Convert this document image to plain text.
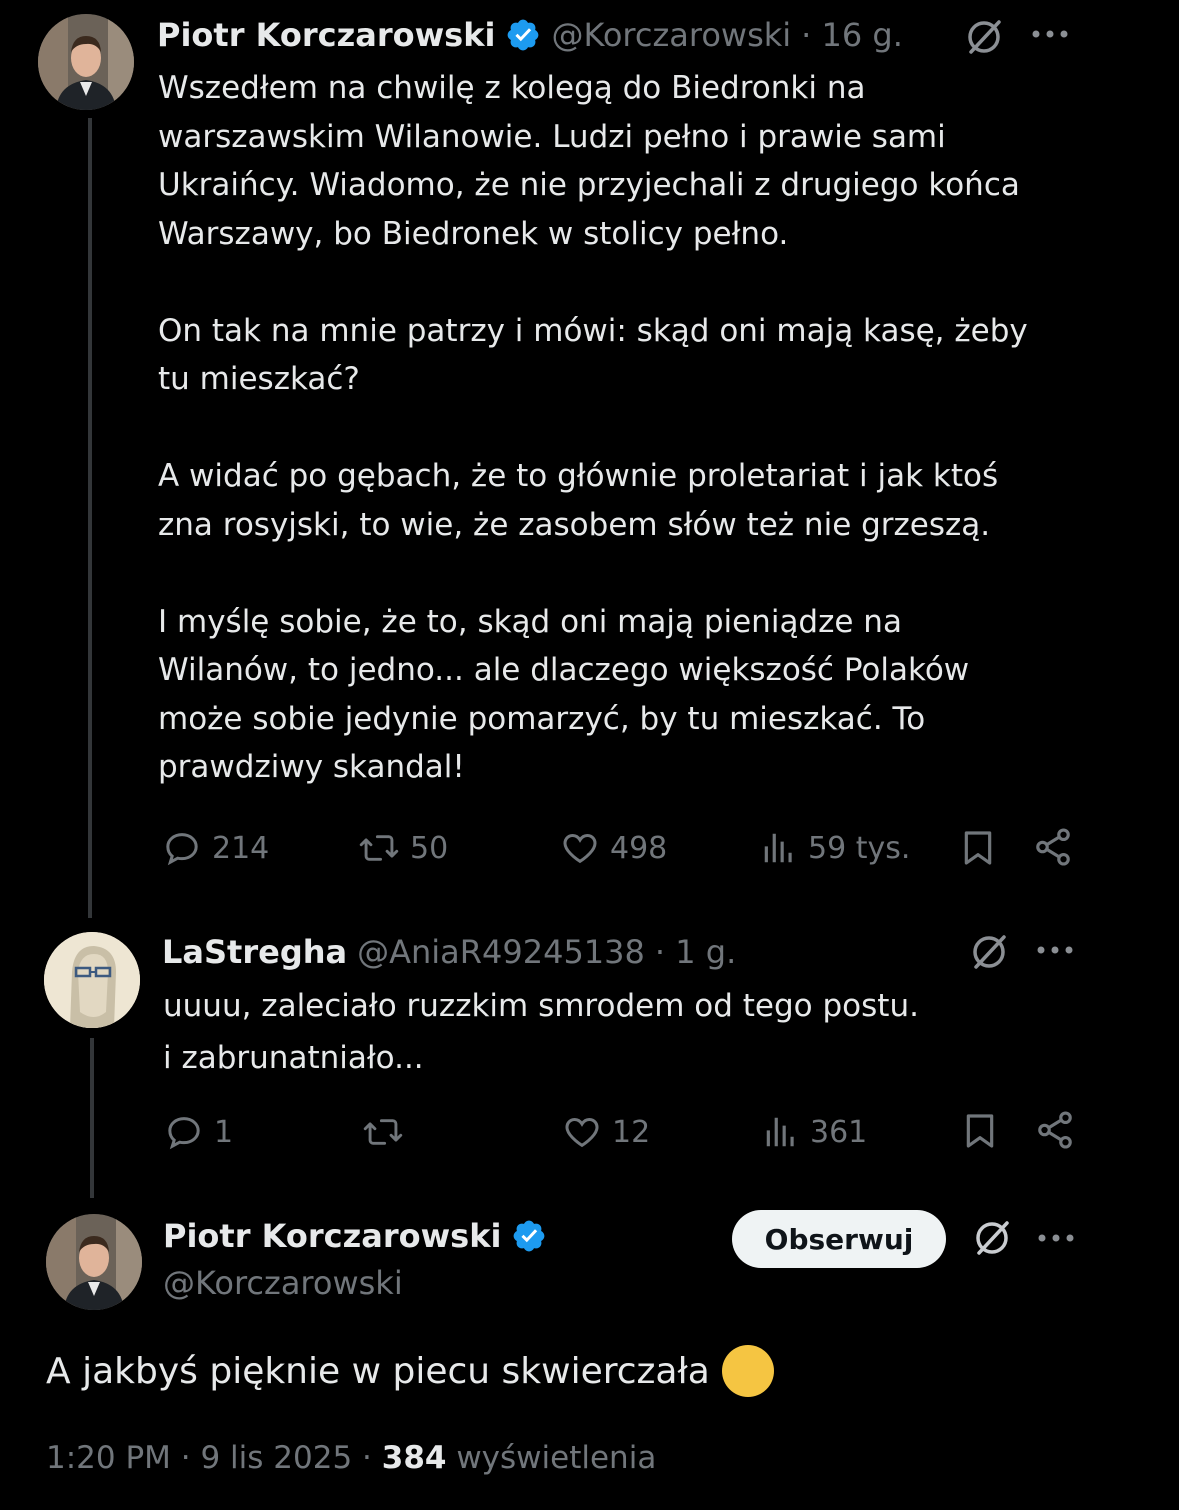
Piotr Korczarowski @Korczarowski · 16 g.
Wszedłem na chwilę z kolegą do Biedronki na
warszawskim Wilanowie. Ludzi pełno i prawie sami
Ukraińcy. Wiadomo, że nie przyjechali z drugiego końca
Warszawy, bo Biedronek w stolicy pełno.

On tak na mnie patrzy i mówi: skąd oni mają kasę, żeby
tu mieszkać?

A widać po gębach, że to głównie proletariat i jak ktoś
zna rosyjski, to wie, że zasobem słów też nie grzeszą.

I myślę sobie, że to, skąd oni mają pieniądze na
Wilanów, to jedno... ale dlaczego większość Polaków
może sobie jedynie pomarzyć, by tu mieszkać. To
prawdziwy skandal!
214	50	498	59 tys.
LaStregha @AniaR49245138 · 1 g.
uuuu, zaleciało ruzzkim smrodem od tego postu.
i zabrunatniało...
1	12	361
Piotr Korczarowski
@Korczarowski
Obserwuj
A jakbyś pięknie w piecu skwierczała
1:20 PM · 9 lis 2025 · 384 wyświetlenia
